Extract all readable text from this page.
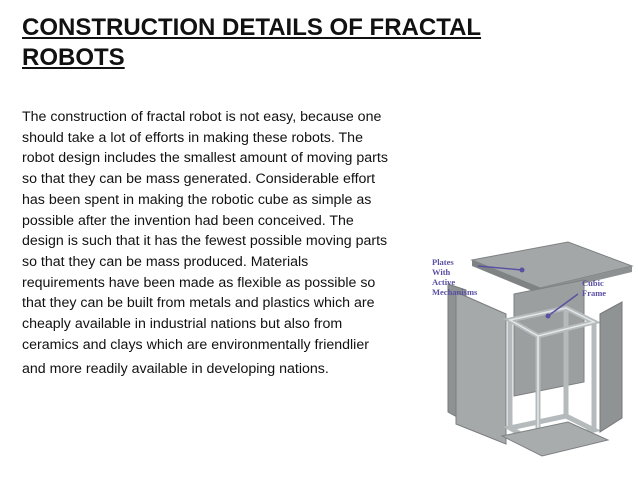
CONSTRUCTION DETAILS OF FRACTAL
ROBOTS
The construction of fractal robot is not easy, because one
should take a lot of efforts in making these robots. The
robot design includes the smallest amount of moving parts
so that they can be mass generated. Considerable effort
has been spent in making the robotic cube as simple as
possible after the invention had been conceived. The
design is such that it has the fewest possible moving parts
so that they can be mass produced. Materials
requirements have been made as flexible as possible so
that they can be built from metals and plastics which are
cheaply available in industrial nations but also from
ceramics and clays which are environmentally friendlier
and more readily available in developing nations.
Plates
With
Active
Mechanisms
Cubic
Frame
